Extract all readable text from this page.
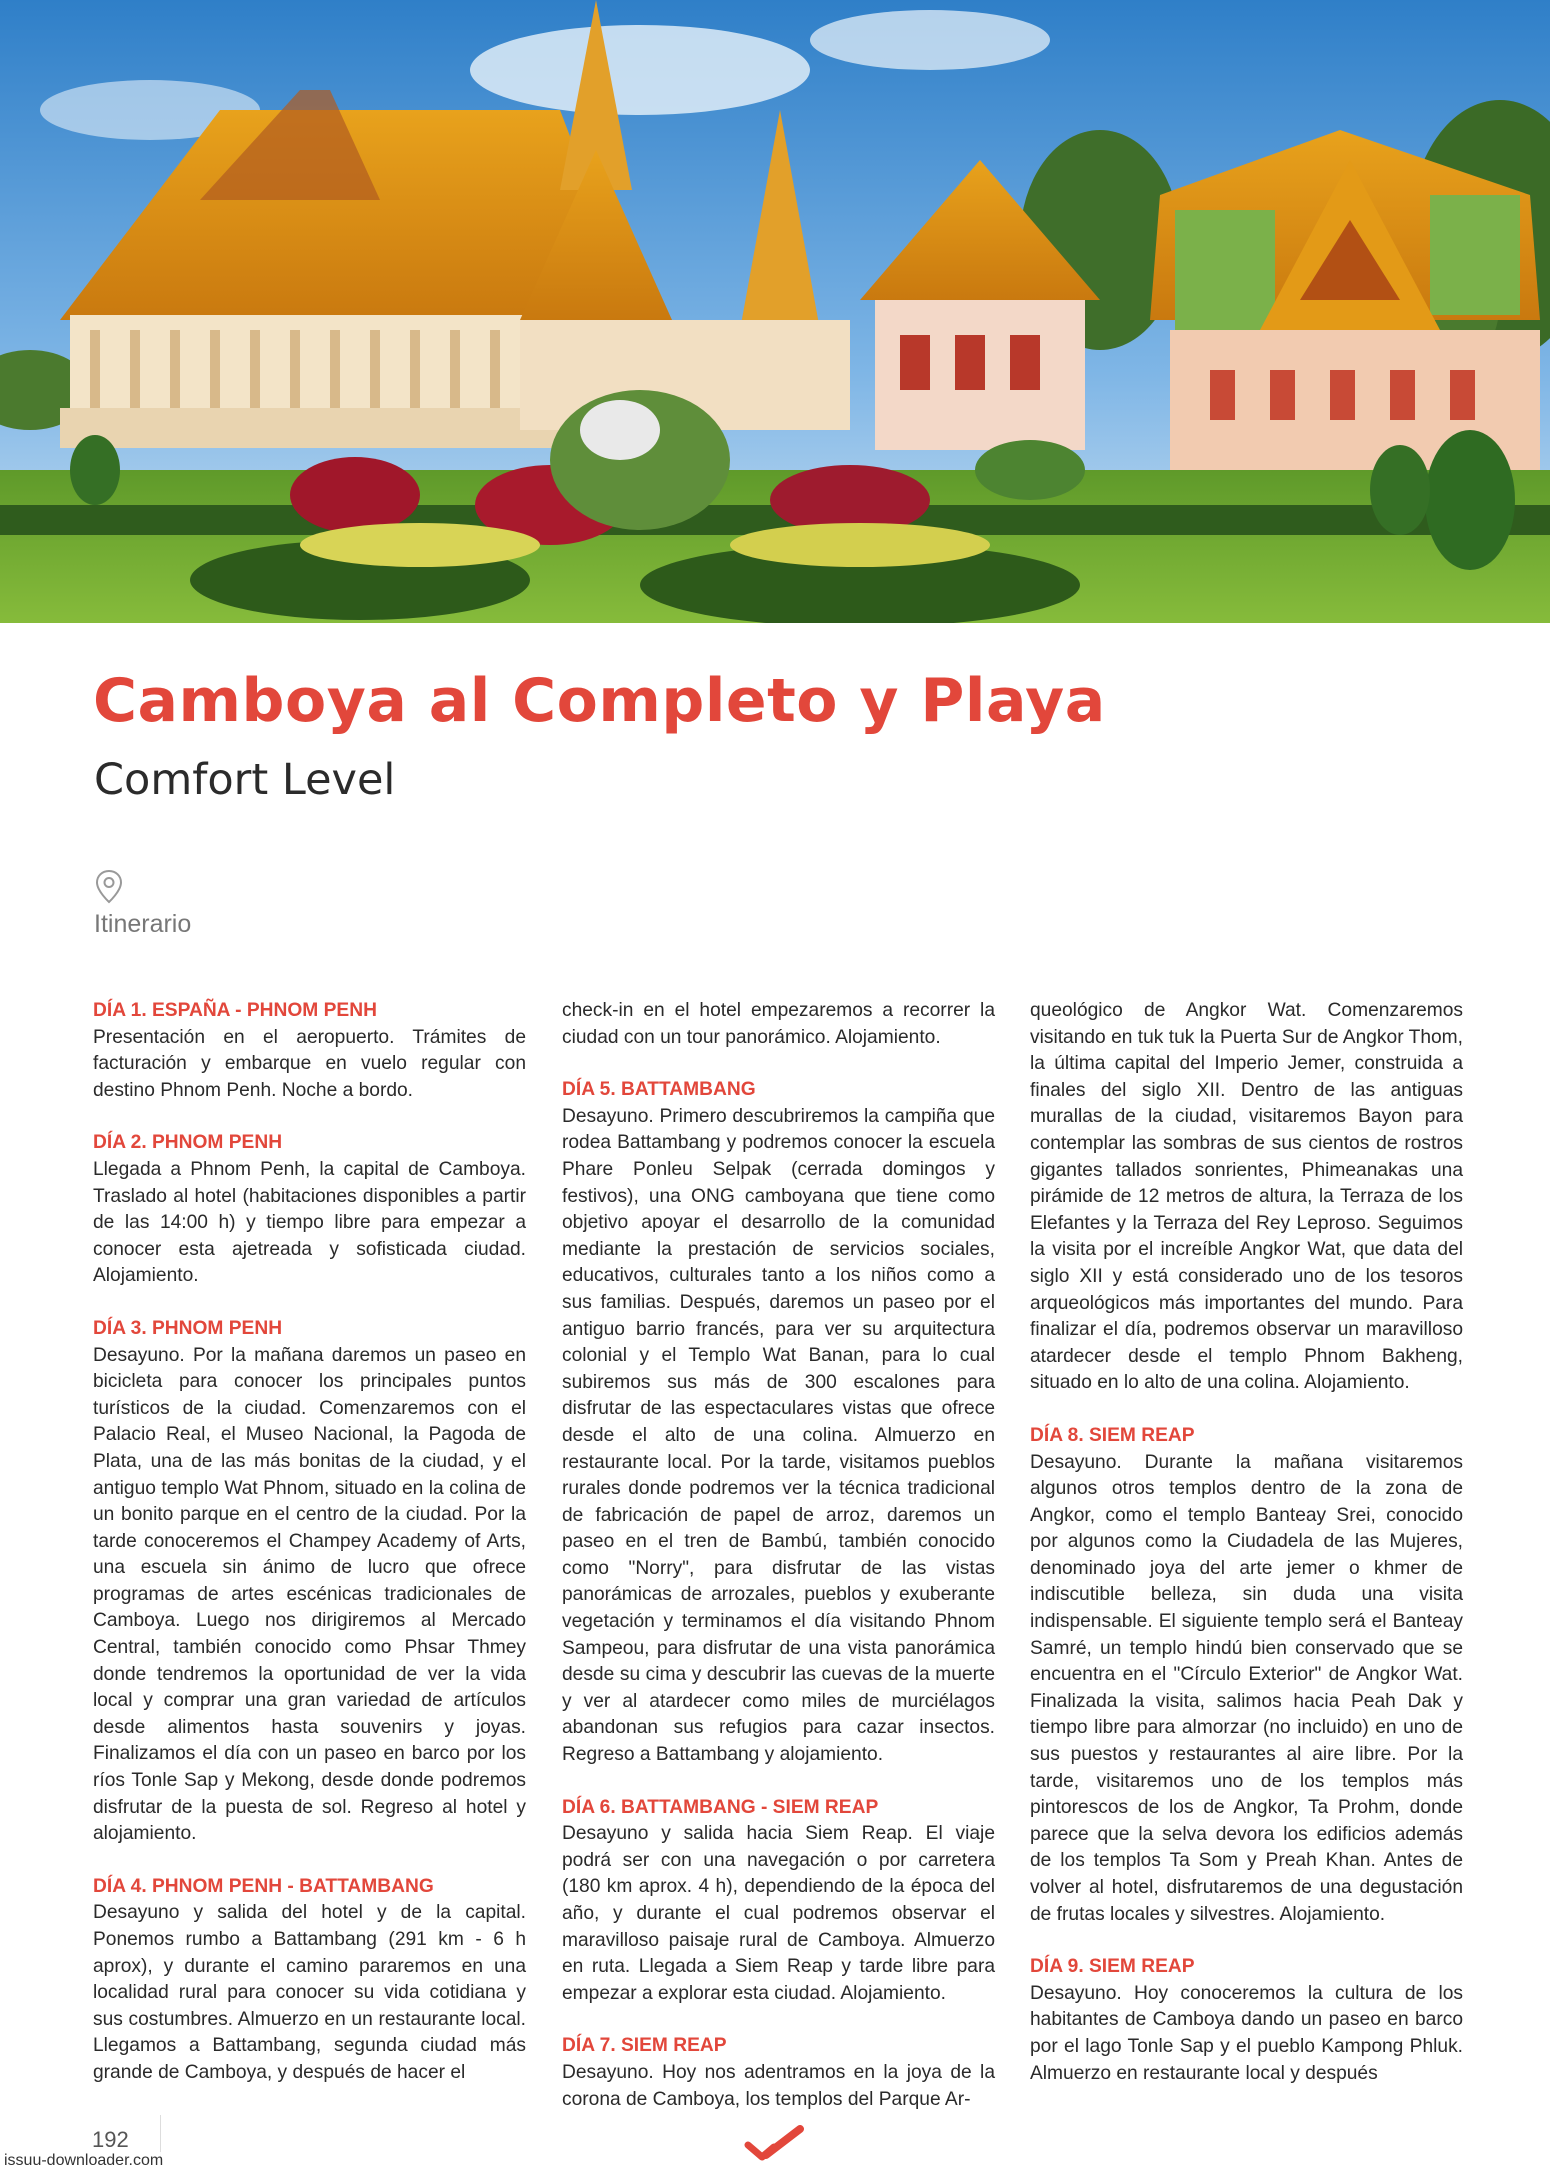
Camboya al Completo y Playa
Comfort Level
Itinerario
DÍA 1. ESPAÑA - PHNOM PENH

Presentación en el aeropuerto. Trámites de facturación y embarque en vuelo regular con destino Phnom Penh. Noche a bordo.

DÍA 2. PHNOM PENH

Llegada a Phnom Penh, la capital de Camboya. Traslado al hotel (habitaciones disponibles a partir de las 14:00 h) y tiempo libre para empezar a conocer esta ajetreada y sofisticada ciudad. Alojamiento.

DÍA 3. PHNOM PENH

Desayuno. Por la mañana daremos un paseo en bicicleta para conocer los principales puntos turísticos de la ciudad. Comenzaremos con el Palacio Real, el Museo Nacional, la Pagoda de Plata, una de las más bonitas de la ciudad, y el antiguo templo Wat Phnom, situado en la colina de un bonito parque en el centro de la ciudad. Por la tarde conoceremos el Champey Academy of Arts, una escuela sin ánimo de lucro que ofrece programas de artes escénicas tradicionales de Camboya. Luego nos dirigiremos al Mercado Central, también conocido como Phsar Thmey donde tendremos la oportunidad de ver la vida local y comprar una gran variedad de artículos desde alimentos hasta souvenirs y joyas. Finalizamos el día con un paseo en barco por los ríos Tonle Sap y Mekong, desde donde podremos disfrutar de la puesta de sol. Regreso al hotel y alojamiento.

DÍA 4. PHNOM PENH - BATTAMBANG

Desayuno y salida del hotel y de la capital. Ponemos rumbo a Battambang (291 km - 6 h aprox), y durante el camino pararemos en una localidad rural para conocer su vida cotidiana y sus costumbres. Almuerzo en un restaurante local. Llegamos a Battambang, segunda ciudad más grande de Camboya, y después de hacer el

check-in en el hotel empezaremos a recorrer la ciudad con un tour panorámico. Alojamiento.

DÍA 5. BATTAMBANG

Desayuno. Primero descubriremos la campiña que rodea Battambang y podremos conocer la escuela Phare Ponleu Selpak (cerrada domingos y festivos), una ONG camboyana que tiene como objetivo apoyar el desarrollo de la comunidad mediante la prestación de servicios sociales, educativos, culturales tanto a los niños como a sus familias. Después, daremos un paseo por el antiguo barrio francés, para ver su arquitectura colonial y el Templo Wat Banan, para lo cual subiremos sus más de 300 escalones para disfrutar de las espectaculares vistas que ofrece desde el alto de una colina. Almuerzo en restaurante local. Por la tarde, visitamos pueblos rurales donde podremos ver la técnica tradicional de fabricación de papel de arroz, daremos un paseo en el tren de Bambú, también conocido como "Norry", para disfrutar de las vistas panorámicas de arrozales, pueblos y exuberante vegetación y terminamos el día visitando Phnom Sampeou, para disfrutar de una vista panorámica desde su cima y descubrir las cuevas de la muerte y ver al atardecer como miles de murciélagos abandonan sus refugios para cazar insectos. Regreso a Battambang y alojamiento.

DÍA 6. BATTAMBANG - SIEM REAP

Desayuno y salida hacia Siem Reap. El viaje podrá ser con una navegación o por carretera (180 km aprox. 4 h), dependiendo de la época del año, y durante el cual podremos observar el maravilloso paisaje rural de Camboya. Almuerzo en ruta. Llegada a Siem Reap y tarde libre para empezar a explorar esta ciudad. Alojamiento.

DÍA 7. SIEM REAP

Desayuno. Hoy nos adentramos en la joya de la corona de Camboya, los templos del Parque Ar-

queológico de Angkor Wat. Comenzaremos visitando en tuk tuk la Puerta Sur de Angkor Thom, la última capital del Imperio Jemer, construida a finales del siglo XII. Dentro de las antiguas murallas de la ciudad, visitaremos Bayon para contemplar las sombras de sus cientos de rostros gigantes tallados sonrientes, Phimeanakas una pirámide de 12 metros de altura, la Terraza de los Elefantes y la Terraza del Rey Leproso. Seguimos la visita por el increíble Angkor Wat, que data del siglo XII y está considerado uno de los tesoros arqueológicos más importantes del mundo. Para finalizar el día, podremos observar un maravilloso atardecer desde el templo Phnom Bakheng, situado en lo alto de una colina. Alojamiento.

DÍA 8. SIEM REAP

Desayuno. Durante la mañana visitaremos algunos otros templos dentro de la zona de Angkor, como el templo Banteay Srei, conocido por algunos como la Ciudadela de las Mujeres, denominado joya del arte jemer o khmer de indiscutible belleza, sin duda una visita indispensable. El siguiente templo será el Banteay Samré, un templo hindú bien conservado que se encuentra en el "Círculo Exterior" de Angkor Wat. Finalizada la visita, salimos hacia Peah Dak y tiempo libre para almorzar (no incluido) en uno de sus puestos y restaurantes al aire libre. Por la tarde, visitaremos uno de los templos más pintorescos de los de Angkor, Ta Prohm, donde parece que la selva devora los edificios además de los templos Ta Som y Preah Khan. Antes de volver al hotel, disfrutaremos de una degustación de frutas locales y silvestres. Alojamiento.

DÍA 9. SIEM REAP

Desayuno. Hoy conoceremos la cultura de los habitantes de Camboya dando un paseo en barco por el lago Tonle Sap y el pueblo Kampong Phluk. Almuerzo en restaurante local y después

192
issuu-downloader.com
